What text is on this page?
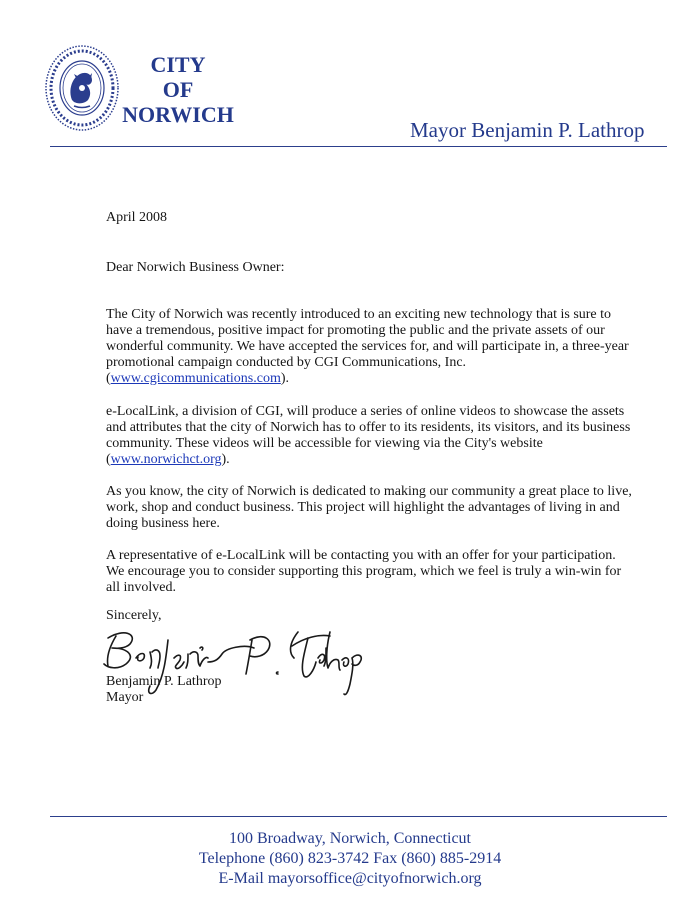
CITY
OF
NORWICH
Mayor Benjamin P. Lathrop
April 2008
Dear Norwich Business Owner:
The City of Norwich was recently introduced to an exciting new technology that is sure to have a tremendous, positive impact for promoting the public and the private assets of our wonderful community. We have accepted the services for, and will participate in, a three-year promotional campaign conducted by CGI Communications, Inc. (www.cgicommunications.com).
e-LocalLink, a division of CGI, will produce a series of online videos to showcase the assets and attributes that the city of Norwich has to offer to its residents, its visitors, and its business community. These videos will be accessible for viewing via the City's website (www.norwichct.org).
As you know, the city of Norwich is dedicated to making our community a great place to live, work, shop and conduct business. This project will highlight the advantages of living in and doing business here.
A representative of e-LocalLink will be contacting you with an offer for your participation. We encourage you to consider supporting this program, which we feel is truly a win-win for all involved.
Sincerely,
Benjamin P. Lathrop
Mayor
100 Broadway, Norwich, Connecticut
Telephone (860) 823-3742 Fax (860) 885-2914
E-Mail mayorsoffice@cityofnorwich.org
